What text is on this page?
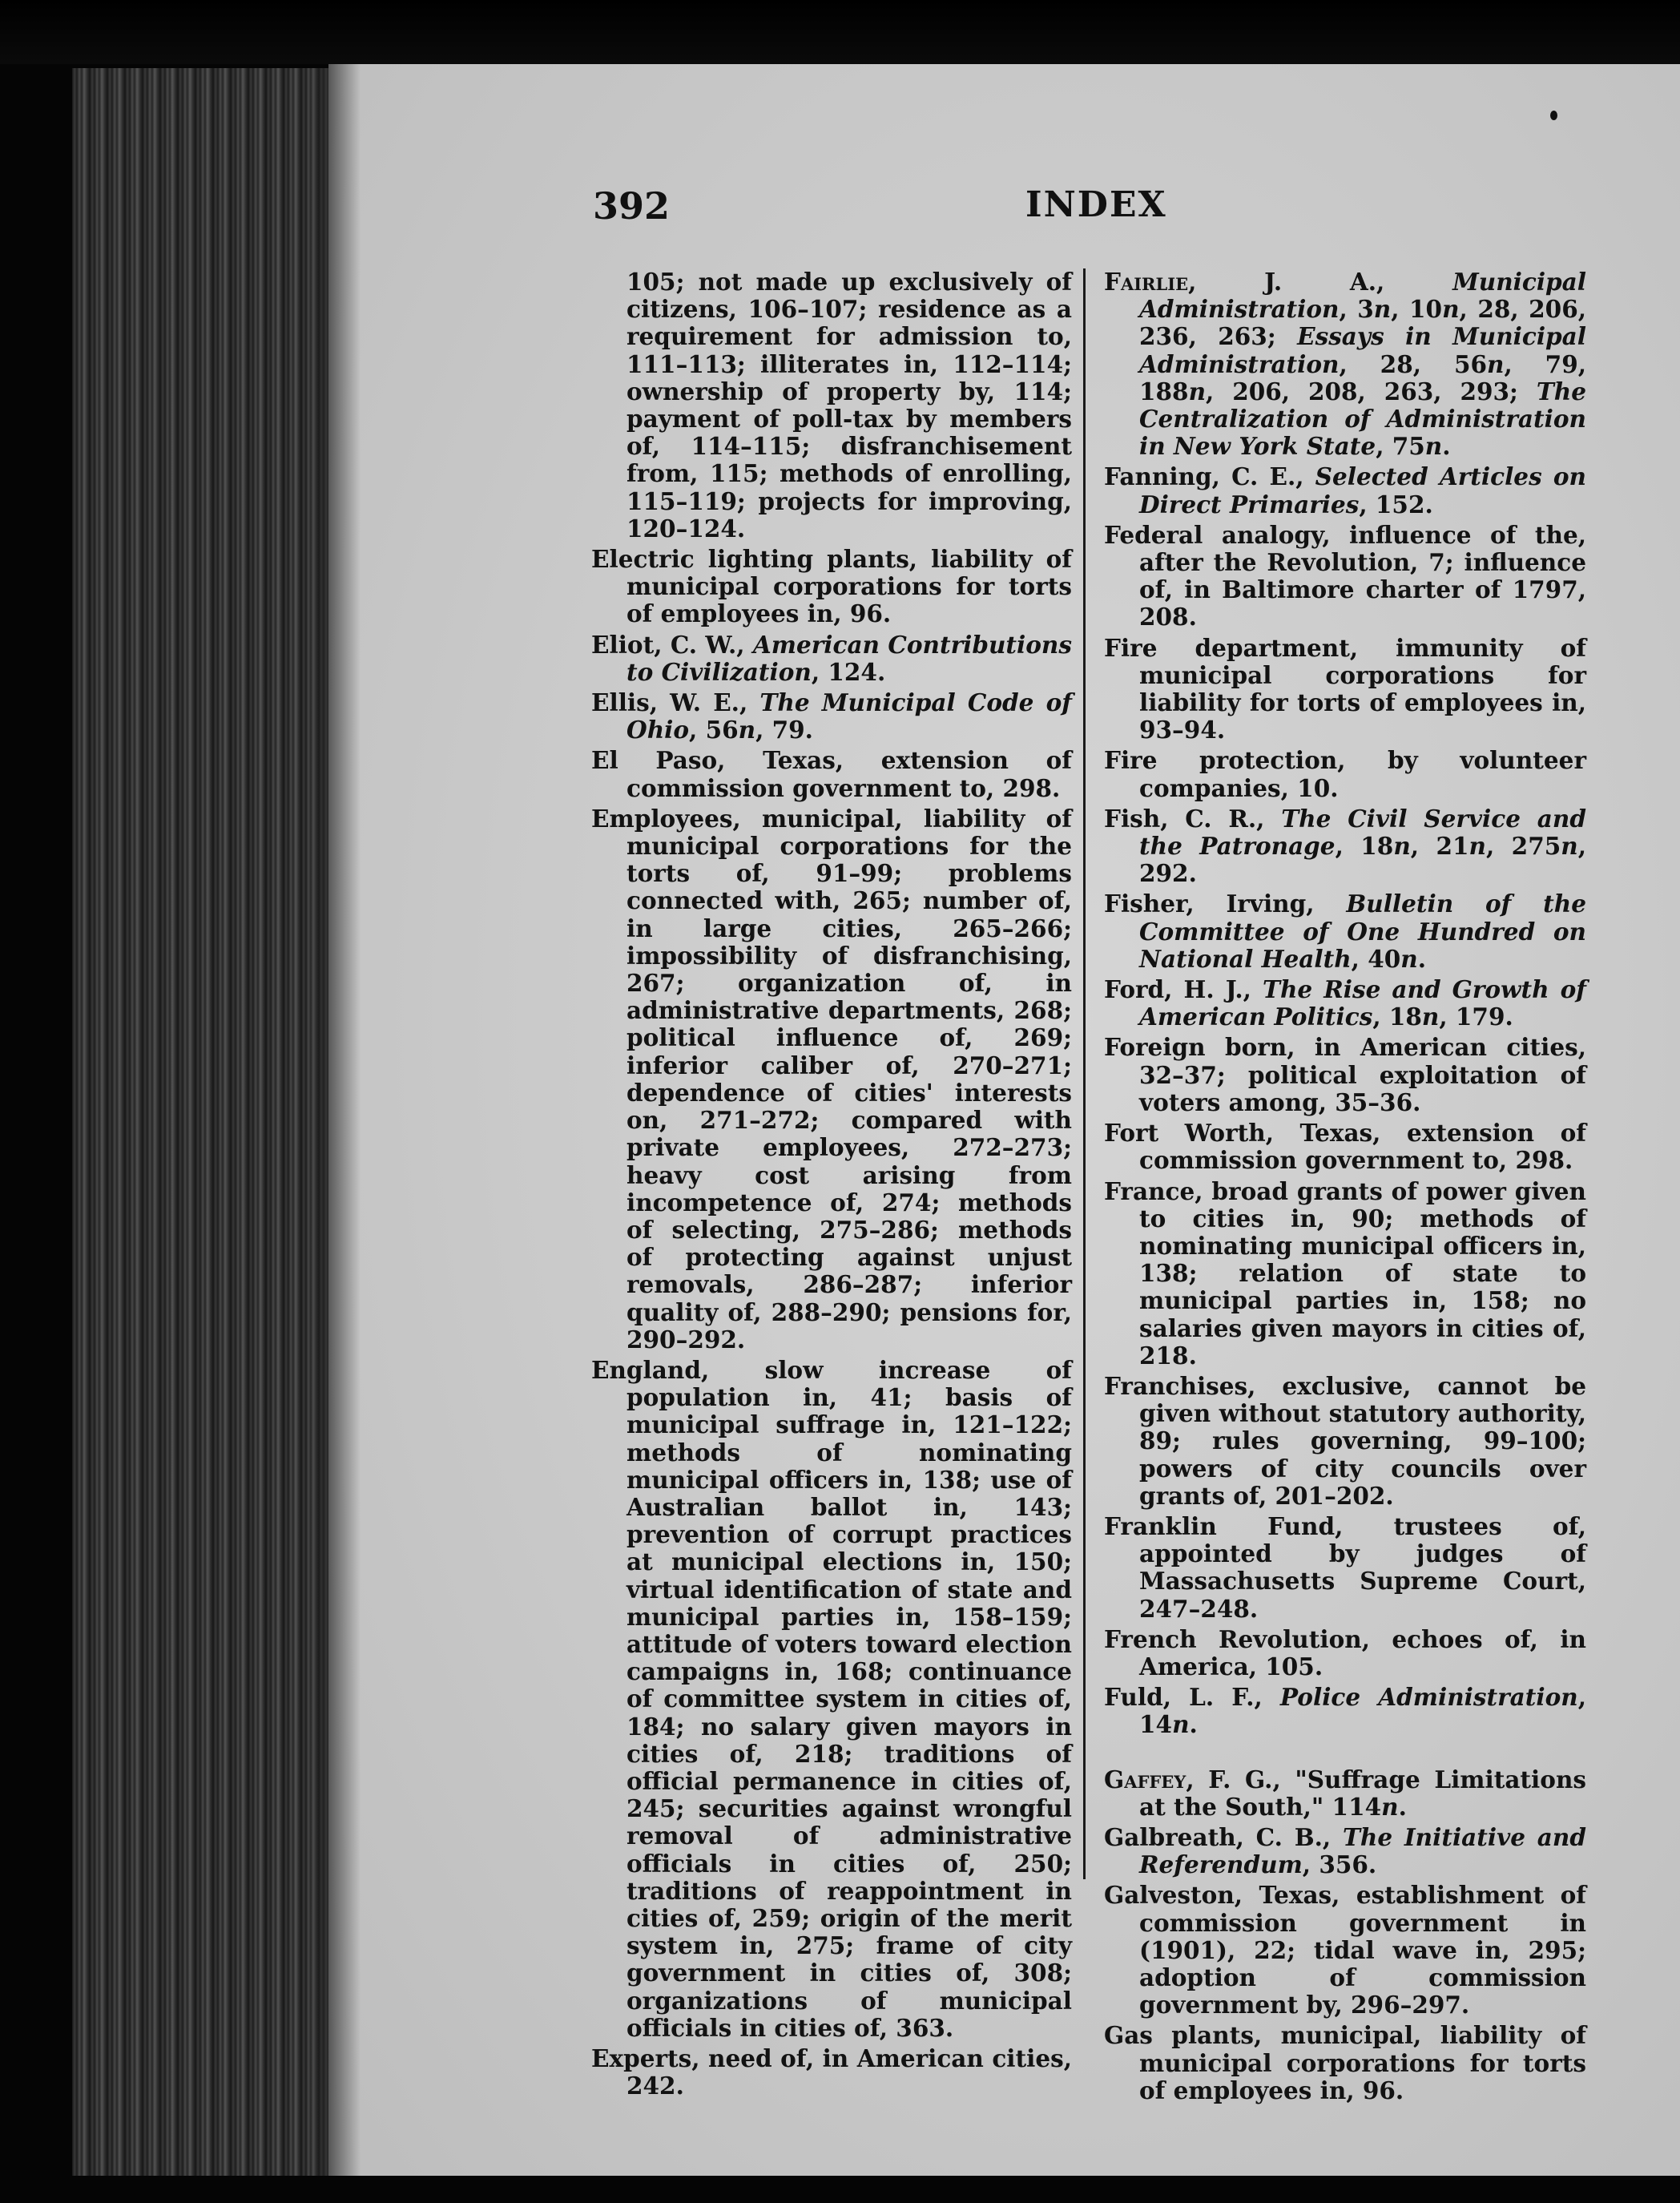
392	INDEX
105; not made up exclusively of citizens, 106–107; residence as a requirement for admission to, 111–113; illiterates in, 112–114; ownership of property by, 114; payment of poll-tax by members of, 114–115; disfranchisement from, 115; methods of enrolling, 115–119; projects for improving, 120–124.
Electric lighting plants, liability of municipal corporations for torts of employees in, 96.
Eliot, C. W., American Contributions to Civilization, 124.
Ellis, W. E., The Municipal Code of Ohio, 56n, 79.
El Paso, Texas, extension of commission government to, 298.
Employees, municipal, liability of municipal corporations for the torts of, 91–99; problems connected with, 265; number of, in large cities, 265–266; impossibility of disfranchising, 267; organization of, in administrative departments, 268; political influence of, 269; inferior caliber of, 270–271; dependence of cities' interests on, 271–272; compared with private employees, 272–273; heavy cost arising from incompetence of, 274; methods of selecting, 275–286; methods of protecting against unjust removals, 286–287; inferior quality of, 288–290; pensions for, 290–292.
England, slow increase of population in, 41; basis of municipal suffrage in, 121–122; methods of nominating municipal officers in, 138; use of Australian ballot in, 143; prevention of corrupt practices at municipal elections in, 150; virtual identification of state and municipal parties in, 158–159; attitude of voters toward election campaigns in, 168; continuance of committee system in cities of, 184; no salary given mayors in cities of, 218; traditions of official permanence in cities of, 245; securities against wrongful removal of administrative officials in cities of, 250; traditions of reappointment in cities of, 259; origin of the merit system in, 275; frame of city government in cities of, 308; organizations of municipal officials in cities of, 363.
Experts, need of, in American cities, 242.
Fairlie, J. A., Municipal Administration, 3n, 10n, 28, 206, 236, 263; Essays in Municipal Administration, 28, 56n, 79, 188n, 206, 208, 263, 293; The Centralization of Administration in New York State, 75n.
Fanning, C. E., Selected Articles on Direct Primaries, 152.
Federal analogy, influence of the, after the Revolution, 7; influence of, in Baltimore charter of 1797, 208.
Fire department, immunity of municipal corporations for liability for torts of employees in, 93–94.
Fire protection, by volunteer companies, 10.
Fish, C. R., The Civil Service and the Patronage, 18n, 21n, 275n, 292.
Fisher, Irving, Bulletin of the Committee of One Hundred on National Health, 40n.
Ford, H. J., The Rise and Growth of American Politics, 18n, 179.
Foreign born, in American cities, 32–37; political exploitation of voters among, 35–36.
Fort Worth, Texas, extension of commission government to, 298.
France, broad grants of power given to cities in, 90; methods of nominating municipal officers in, 138; relation of state to municipal parties in, 158; no salaries given mayors in cities of, 218.
Franchises, exclusive, cannot be given without statutory authority, 89; rules governing, 99–100; powers of city councils over grants of, 201–202.
Franklin Fund, trustees of, appointed by judges of Massachusetts Supreme Court, 247–248.
French Revolution, echoes of, in America, 105.
Fuld, L. F., Police Administration, 14n.
Gaffey, F. G., "Suffrage Limitations at the South," 114n.
Galbreath, C. B., The Initiative and Referendum, 356.
Galveston, Texas, establishment of commission government in (1901), 22; tidal wave in, 295; adoption of commission government by, 296–297.
Gas plants, municipal, liability of municipal corporations for torts of employees in, 96.
